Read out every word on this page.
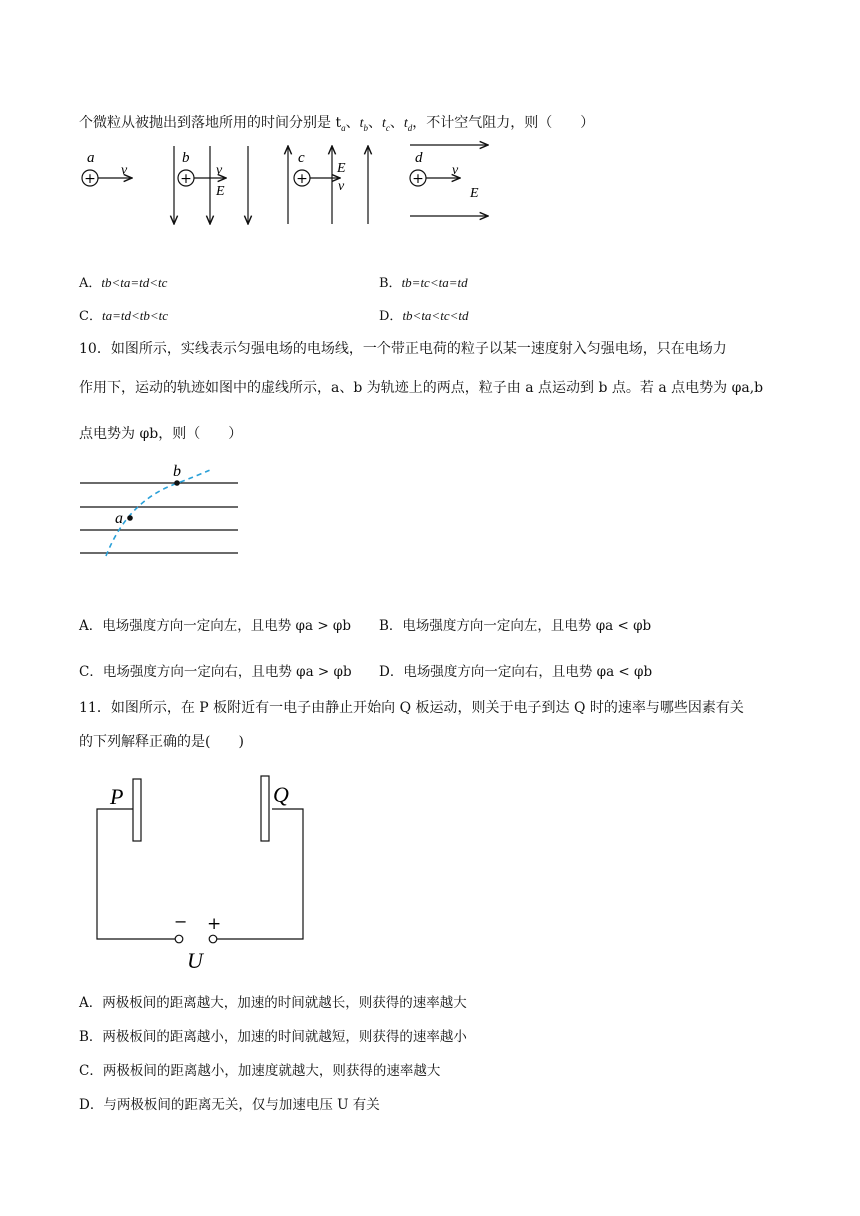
个微粒从被抛出到落地所用的时间分别是 $t_a$、$t_b$、$t_c$、$t_d$，不计空气阻力，则（　　）
+
a
v
+
b
v
E
+
c
E
v	+
d
v
E
A．tb<ta=td<tc	B．tb=tc<ta=td
C．ta=td<tb<tc	D．tb<ta<tc<td
10．如图所示，实线表示匀强电场的电场线，一个带正电荷的粒子以某一速度射入匀强电场，只在电场力
作用下，运动的轨迹如图中的虚线所示，a、b 为轨迹上的两点，粒子由 a 点运动到 b 点。若 a 点电势为 φa,b
点电势为 φb，则（　　）
b
a
A．电场强度方向一定向左，且电势 φa > φb B．电场强度方向一定向左，且电势 φa < φb
C．电场强度方向一定向右，且电势 φa > φb D．电场强度方向一定向右，且电势 φa < φb
11．如图所示，在 P 板附近有一电子由静止开始向 Q 板运动，则关于电子到达 Q 时的速率与哪些因素有关
的下列解释正确的是(　　)
P	Q
− +
U
A．两极板间的距离越大，加速的时间就越长，则获得的速率越大
B．两极板间的距离越小，加速的时间就越短，则获得的速率越小
C．两极板间的距离越小，加速度就越大，则获得的速率越大
D．与两极板间的距离无关，仅与加速电压 U 有关
